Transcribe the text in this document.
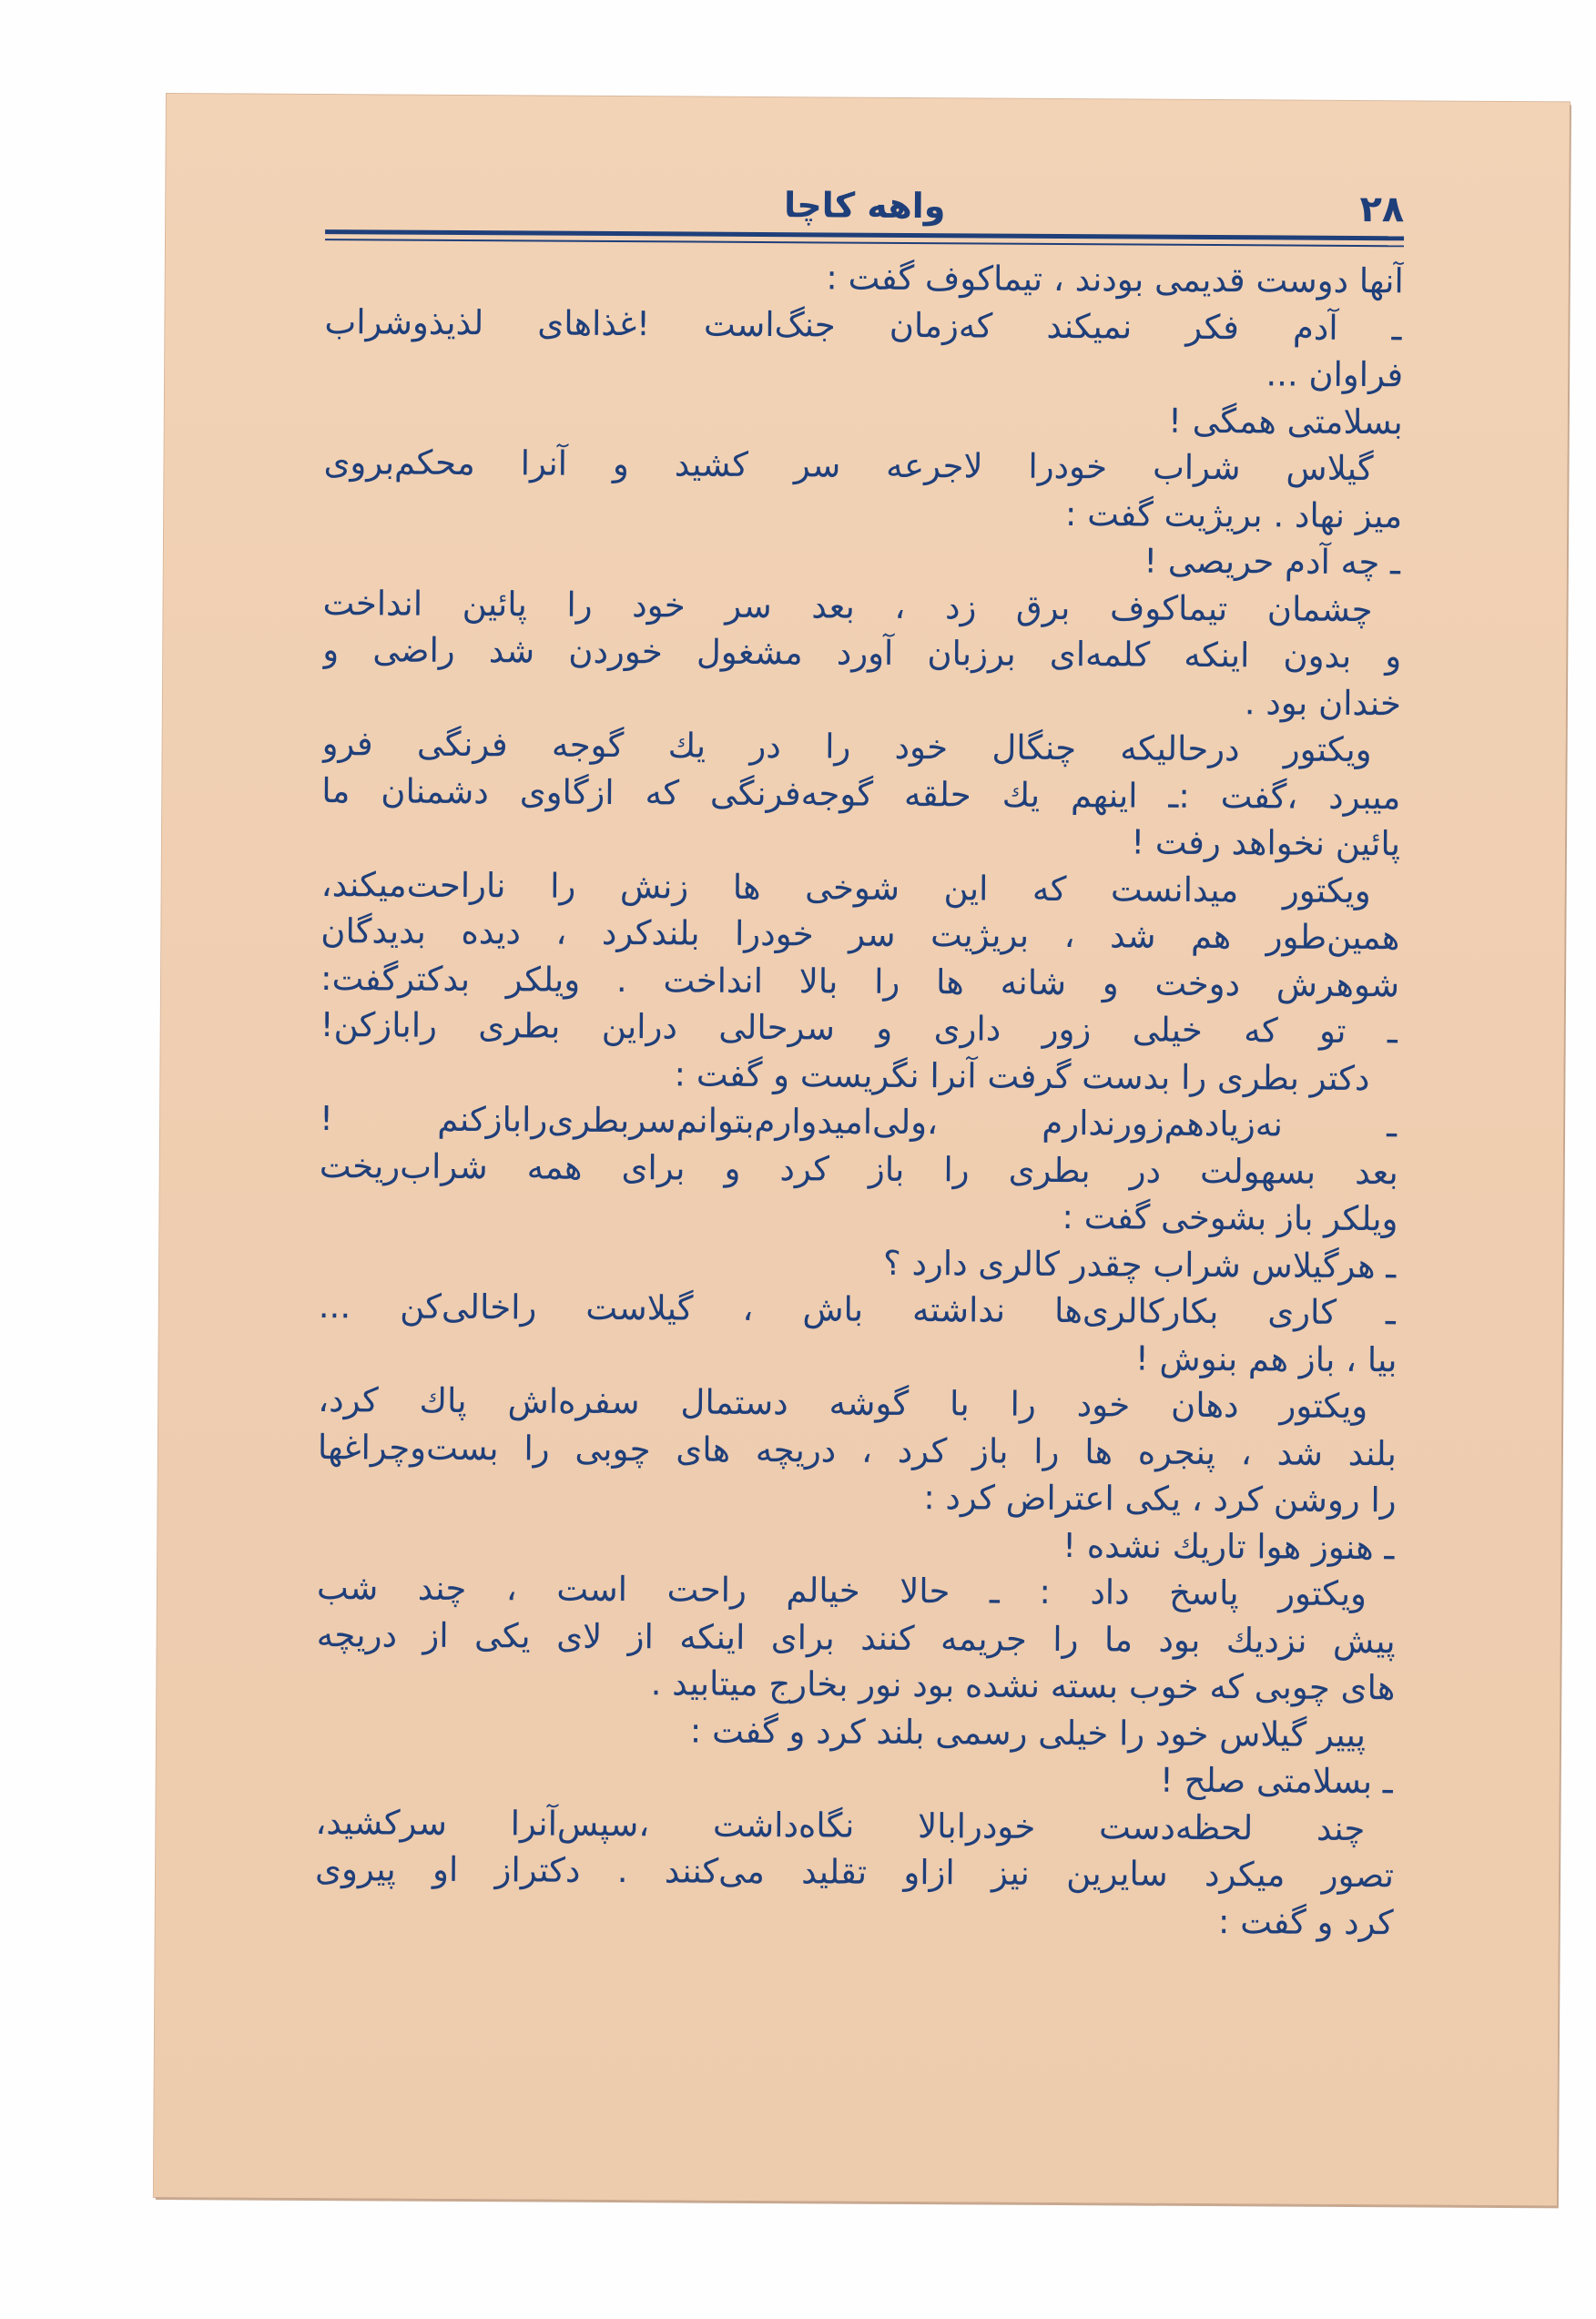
۲۸
واهه کاچا
آنها دوست قدیمی بودند ، تیماکوف گفت :
ـ آدم فکر نمیکند که‌زمان جنگ‌است !غذاهای لذیذوشراب
فراوان ...
بسلامتی همگی !
گیلاس شراب خودرا لاجرعه سر کشید و آنرا محکم‌بروی
میز نهاد . بریژیت گفت :
ـ چه آدم حریصی !
چشمان تیماکوف برق زد ، بعد سر خود را پائین انداخت
و بدون اینکه کلمه‌ای برزبان آورد مشغول خوردن شد راضی و
خندان بود .
ویکتور درحالیکه چنگال خود را در یك گوجه فرنگی فرو
میبرد ،گفت :ـ اینهم یك حلقه گوجه‌فرنگی که ازگاوی دشمنان ما
پائین نخواهد رفت !
ویکتور میدانست که این شوخی ها زنش را ناراحت‌میکند،
همین‌طور هم شد ، بریژیت سر خودرا بلندکرد ، دیده بدیدگان
شوهرش دوخت و شانه ها را بالا انداخت . ویلکر بدکترگفت:
ـ تو که خیلی زور داری و سرحالی دراین بطری راباز‌کن!
دکتر بطری را بدست گرفت آنرا نگریست و گفت :
ـ نه‌زیادهم‌زورندارم ،ولی‌امیدوارم‌بتوانم‌سربطری‌راباز‌کنم !
بعد بسهولت در بطری را باز کرد و برای همه شراب‌ریخت
ویلکر باز بشوخی گفت :
ـ هرگیلاس شراب چقدر کالری دارد ؟
ـ کاری بکارکالری‌ها نداشته باش ، گیلاست راخالی‌کن ...
بیا ، باز هم بنوش !
ویکتور دهان خود را با گوشه دستمال سفره‌اش پاك کرد،
بلند شد ، پنجره ها را باز کرد ، دریچه های چوبی را بست‌وچراغها
را روشن کرد ، یکی اعتراض کرد :
ـ هنوز هوا تاریك نشده !
ویکتور پاسخ داد : ـ حالا خیالم راحت است ، چند شب
پیش نزدیك بود ما را جریمه کنند برای اینکه از لای یکی از دریچه
های چوبی که خوب بسته نشده بود نور بخارج میتابید .
پییر گیلاس خود را خیلی رسمی بلند کرد و گفت :
ـ بسلامتی صلح !
چند لحظه‌دست خودرابالا نگاه‌داشت ،سپس‌آنرا سرکشید،
تصور میکرد سایرین نیز ازاو تقلید می‌کنند . دکتراز او پیروی
کرد و گفت :
